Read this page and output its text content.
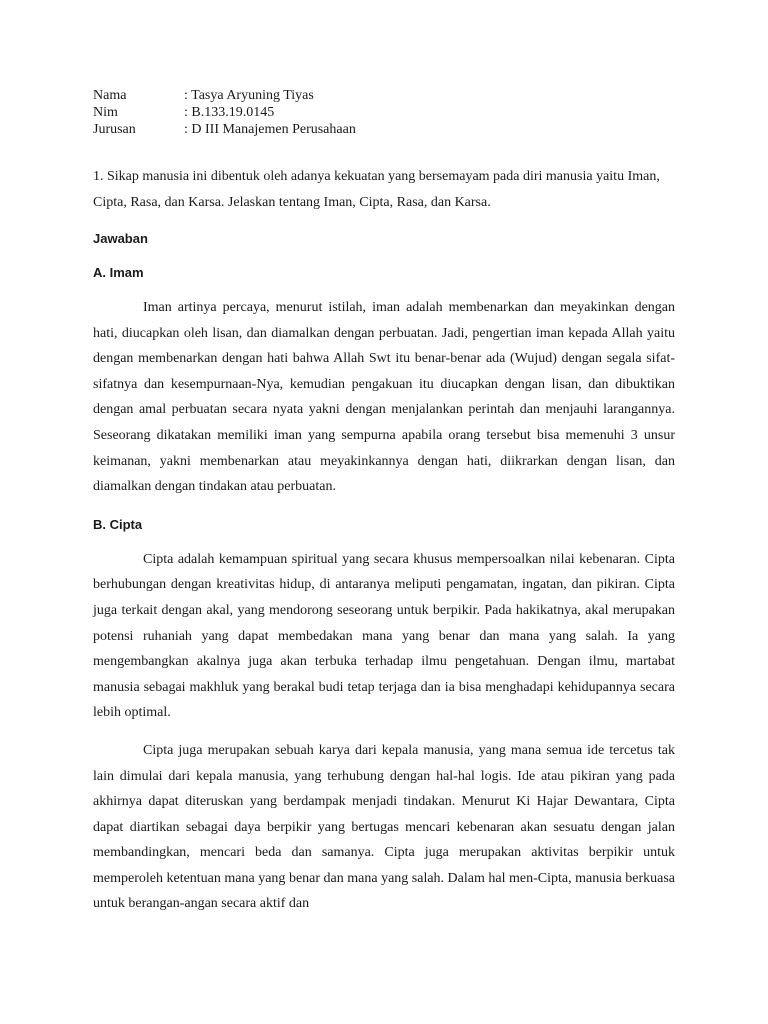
Nama	: Tasya Aryuning Tiyas
Nim	: B.133.19.0145
Jurusan	: D III Manajemen Perusahaan
1. Sikap manusia ini dibentuk oleh adanya kekuatan yang bersemayam pada diri manusia yaitu Iman, Cipta, Rasa, dan Karsa. Jelaskan tentang Iman, Cipta, Rasa, dan Karsa.
Jawaban
A. Imam

Iman artinya percaya, menurut istilah, iman adalah membenarkan dan meyakinkan dengan hati, diucapkan oleh lisan, dan diamalkan dengan perbuatan. Jadi, pengertian iman kepada Allah yaitu dengan membenarkan dengan hati bahwa Allah Swt itu benar-benar ada (Wujud) dengan segala sifat-sifatnya dan kesempurnaan-Nya, kemudian pengakuan itu diucapkan dengan lisan, dan dibuktikan dengan amal perbuatan secara nyata yakni dengan menjalankan perintah dan menjauhi larangannya. Seseorang dikatakan memiliki iman yang sempurna apabila orang tersebut bisa memenuhi 3 unsur keimanan, yakni membenarkan atau meyakinkannya dengan hati, diikrarkan dengan lisan, dan diamalkan dengan tindakan atau perbuatan.

B. Cipta

Cipta adalah kemampuan spiritual yang secara khusus mempersoalkan nilai kebenaran. Cipta berhubungan dengan kreativitas hidup, di antaranya meliputi pengamatan, ingatan, dan pikiran. Cipta juga terkait dengan akal, yang mendorong seseorang untuk berpikir. Pada hakikatnya, akal merupakan potensi ruhaniah yang dapat membedakan mana yang benar dan mana yang salah. Ia yang mengembangkan akalnya juga akan terbuka terhadap ilmu pengetahuan. Dengan ilmu, martabat manusia sebagai makhluk yang berakal budi tetap terjaga dan ia bisa menghadapi kehidupannya secara lebih optimal.

Cipta juga merupakan sebuah karya dari kepala manusia, yang mana semua ide tercetus tak lain dimulai dari kepala manusia, yang terhubung dengan hal-hal logis. Ide atau pikiran yang pada akhirnya dapat diteruskan yang berdampak menjadi tindakan. Menurut Ki Hajar Dewantara, Cipta dapat diartikan sebagai daya berpikir yang bertugas mencari kebenaran akan sesuatu dengan jalan membandingkan, mencari beda dan samanya. Cipta juga merupakan aktivitas berpikir untuk memperoleh ketentuan mana yang benar dan mana yang salah. Dalam hal men-Cipta, manusia berkuasa untuk berangan-angan secara aktif dan
